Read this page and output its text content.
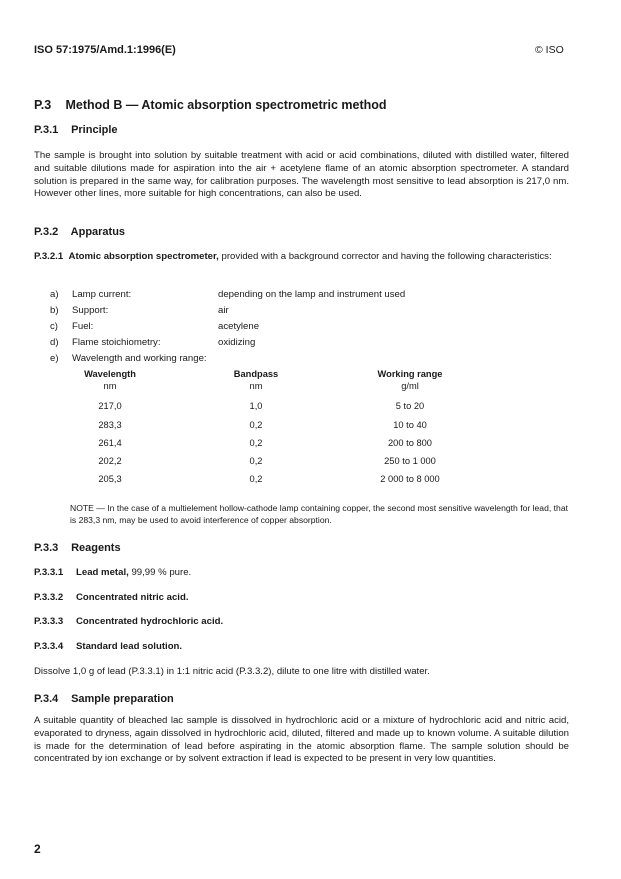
ISO 57:1975/Amd.1:1996(E)	© ISO
P.3 Method B — Atomic absorption spectrometric method
P.3.1 Principle
The sample is brought into solution by suitable treatment with acid or acid combinations, diluted with distilled water, filtered and suitable dilutions made for aspiration into the air + acetylene flame of an atomic absorption spectrometer. A standard solution is prepared in the same way, for calibration purposes. The wavelength most sensitive to lead absorption is 217,0 nm. However other lines, more suitable for high concentrations, can also be used.
P.3.2 Apparatus
P.3.2.1 Atomic absorption spectrometer, provided with a background corrector and having the following characteristics:
a)	Lamp current:	depending on the lamp and instrument used
b)	Support:	air
c)	Fuel:	acetylene
d)	Flame stoichiometry:	oxidizing
e)	Wavelength and working range:
Wavelength	Bandpass	Working range
nm	nm	g/ml
217,0	1,0	5 to 20
283,3	0,2	10 to 40
261,4	0,2	200 to 800
202,2	0,2	250 to 1 000
205,3	0,2	2 000 to 8 000
NOTE — In the case of a multielement hollow-cathode lamp containing copper, the second most sensitive wavelength for lead, that is 283,3 nm, may be used to avoid interference of copper absorption.
P.3.3 Reagents
P.3.3.1 Lead metal, 99,99 % pure.
P.3.3.2 Concentrated nitric acid.
P.3.3.3 Concentrated hydrochloric acid.
P.3.3.4 Standard lead solution.
Dissolve 1,0 g of lead (P.3.3.1) in 1:1 nitric acid (P.3.3.2), dilute to one litre with distilled water.
P.3.4 Sample preparation
A suitable quantity of bleached lac sample is dissolved in hydrochloric acid or a mixture of hydrochloric acid and nitric acid, evaporated to dryness, again dissolved in hydrochloric acid, diluted, filtered and made up to known volume. A suitable dilution is made for the determination of lead before aspirating in the atomic absorption flame. The sample solution should be concentrated by ion exchange or by solvent extraction if lead is expected to be present in very low quantities.
2
